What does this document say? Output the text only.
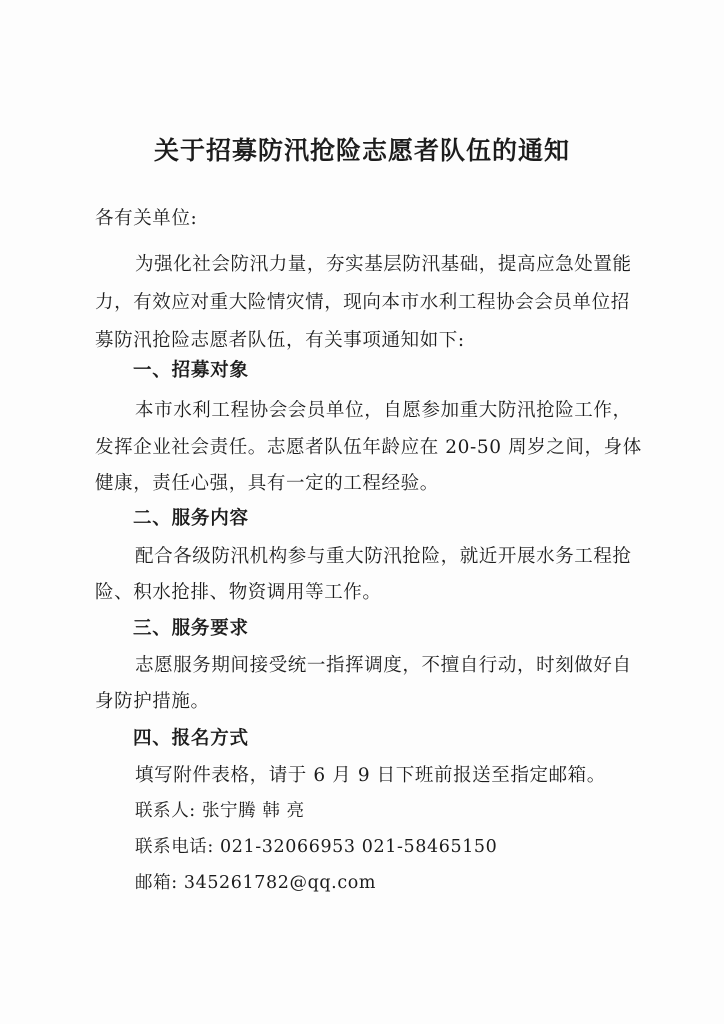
关于招募防汛抢险志愿者队伍的通知
各有关单位:
为强化社会防汛力量，夯实基层防汛基础，提高应急处置能
力，有效应对重大险情灾情，现向本市水利工程协会会员单位招
募防汛抢险志愿者队伍，有关事项通知如下:
一、招募对象
本市水利工程协会会员单位，自愿参加重大防汛抢险工作，
发挥企业社会责任。志愿者队伍年龄应在 20-50 周岁之间，身体
健康，责任心强，具有一定的工程经验。
二、服务内容
配合各级防汛机构参与重大防汛抢险，就近开展水务工程抢
险、积水抢排、物资调用等工作。
三、服务要求
志愿服务期间接受统一指挥调度，不擅自行动，时刻做好自
身防护措施。
四、报名方式
填写附件表格，请于 6 月 9 日下班前报送至指定邮箱。
联系人: 张宁腾 韩 亮
联系电话: 021-32066953 021-58465150
邮箱: 345261782@qq.com
